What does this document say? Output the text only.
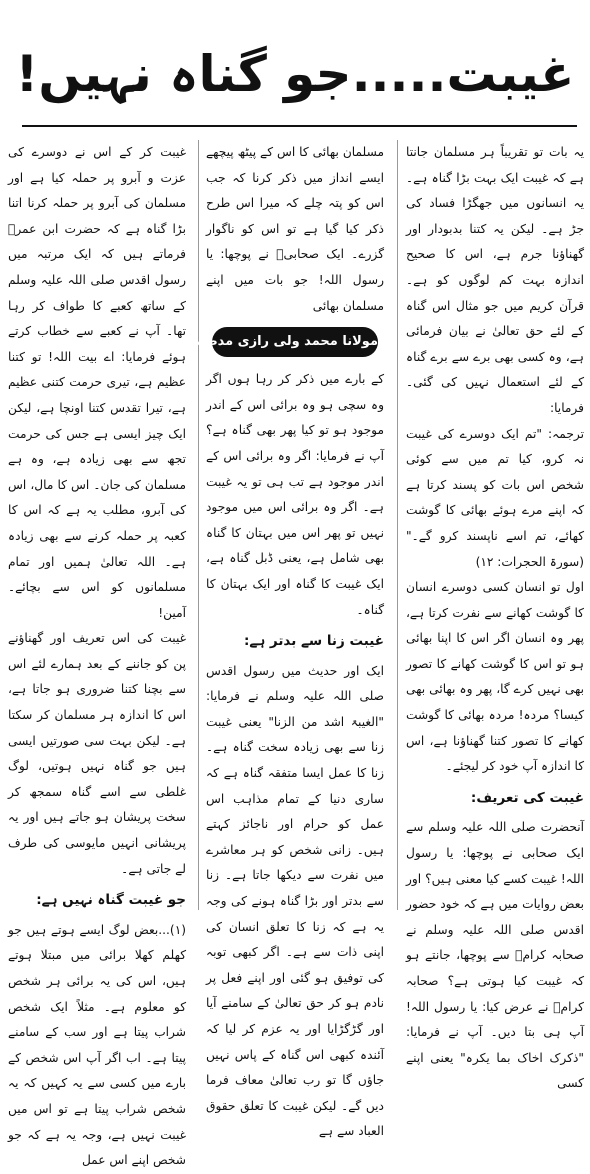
غیبت.....جو گناہ نہیں!

یہ بات تو تقریباً ہر مسلمان جانتا ہے کہ غیبت ایک بہت بڑا گناہ ہے۔ یہ انسانوں میں جھگڑا فساد کی جڑ ہے۔ لیکن یہ کتنا بدبودار اور گھناؤنا جرم ہے، اس کا صحیح اندازہ بہت کم لوگوں کو ہے۔ قرآن کریم میں جو مثال اس گناہ کے لئے حق تعالیٰ نے بیان فرمائی ہے، وہ کسی بھی برے سے برے گناہ کے لئے استعمال نہیں کی گئی۔ فرمایا:

ترجمہ: "تم ایک دوسرے کی غیبت نہ کرو، کیا تم میں سے کوئی شخص اس بات کو پسند کرتا ہے کہ اپنے مرے ہوئے بھائی کا گوشت کھائے، تم اسے ناپسند کرو گے۔" (سورۃ الحجرات: ۱۲)

اول تو انسان کسی دوسرے انسان کا گوشت کھانے سے نفرت کرتا ہے، پھر وہ انسان اگر اس کا اپنا بھائی ہو تو اس کا گوشت کھانے کا تصور بھی نہیں کرے گا، پھر وہ بھائی بھی کیسا؟ مردہ! مردہ بھائی کا گوشت کھانے کا تصور کتنا گھناؤنا ہے، اس کا اندازہ آپ خود کر لیجئے۔

غیبت کی تعریف:

آنحضرت صلی اللہ علیہ وسلم سے ایک صحابی نے پوچھا: یا رسول اللہ! غیبت کسے کیا معنی ہیں؟ اور بعض روایات میں ہے کہ خود حضور اقدس صلی اللہ علیہ وسلم نے صحابہ کرامؓ سے پوچھا، جانتے ہو کہ غیبت کیا ہوتی ہے؟ صحابہ کرامؓ نے عرض کیا: یا رسول اللہ! آپ ہی بتا دیں۔ آپ نے فرمایا: "ذکرک اخاک بما یکرہ" یعنی اپنے کسی

مسلمان بھائی کا اس کے پیٹھ پیچھے ایسے انداز میں ذکر کرنا کہ جب اس کو پتہ چلے کہ میرا اس طرح ذکر کیا گیا ہے تو اس کو ناگوار گزرے۔ ایک صحابیؓ نے پوچھا: یا رسول اللہ! جو بات میں اپنے مسلمان بھائی

مولانا محمد ولی رازی مدظلہ

کے بارے میں ذکر کر رہا ہوں اگر وہ سچی ہو وہ برائی اس کے اندر موجود ہو تو کیا پھر بھی گناہ ہے؟ آپ نے فرمایا: اگر وہ برائی اس کے اندر موجود ہے تب ہی تو یہ غیبت ہے۔ اگر وہ برائی اس میں موجود نہیں تو پھر اس میں بہتان کا گناہ بھی شامل ہے، یعنی ڈبل گناہ ہے، ایک غیبت کا گناہ اور ایک بہتان کا گناہ۔

غیبت زنا سے بدتر ہے:

ایک اور حدیث میں رسول اقدس صلی اللہ علیہ وسلم نے فرمایا: "الغیبۃ اشد من الزنا" یعنی غیبت زنا سے بھی زیادہ سخت گناہ ہے۔ زنا کا عمل ایسا متفقہ گناہ ہے کہ ساری دنیا کے تمام مذاہب اس عمل کو حرام اور ناجائز کہتے ہیں۔ زانی شخص کو ہر معاشرے میں نفرت سے دیکھا جاتا ہے۔ زنا سے بدتر اور بڑا گناہ ہونے کی وجہ یہ ہے کہ زنا کا تعلق انسان کی اپنی ذات سے ہے۔ اگر کبھی توبہ کی توفیق ہو گئی اور اپنے فعل پر نادم ہو کر حق تعالیٰ کے سامنے آیا اور گڑگڑایا اور یہ عزم کر لیا کہ آئندہ کبھی اس گناہ کے پاس نہیں جاؤں گا تو رب تعالیٰ معاف فرما دیں گے۔ لیکن غیبت کا تعلق حقوق العباد سے ہے

غیبت کر کے اس نے دوسرے کی عزت و آبرو پر حملہ کیا ہے اور مسلمان کی آبرو پر حملہ کرنا اتنا بڑا گناہ ہے کہ حضرت ابن عمرؓ فرماتے ہیں کہ ایک مرتبہ میں رسول اقدس صلی اللہ علیہ وسلم کے ساتھ کعبے کا طواف کر رہا تھا۔ آپ نے کعبے سے خطاب کرتے ہوئے فرمایا: اے بیت اللہ! تو کتنا عظیم ہے، تیری حرمت کتنی عظیم ہے، تیرا تقدس کتنا اونچا ہے، لیکن ایک چیز ایسی ہے جس کی حرمت تجھ سے بھی زیادہ ہے، وہ ہے مسلمان کی جان۔ اس کا مال، اس کی آبرو، مطلب یہ ہے کہ اس کا کعبہ پر حملہ کرنے سے بھی زیادہ ہے۔ اللہ تعالیٰ ہمیں اور تمام مسلمانوں کو اس سے بچائے۔ آمین!

غیبت کی اس تعریف اور گھناؤنے پن کو جاننے کے بعد ہمارے لئے اس سے بچنا کتنا ضروری ہو جاتا ہے، اس کا اندازہ ہر مسلمان کر سکتا ہے۔ لیکن بہت سی صورتیں ایسی ہیں جو گناہ نہیں ہوتیں، لوگ غلطی سے اسے گناہ سمجھ کر سخت پریشان ہو جاتے ہیں اور یہ پریشانی انہیں مایوسی کی طرف لے جاتی ہے۔

جو غیبت گناہ نہیں ہے:

(۱)...بعض لوگ ایسے ہوتے ہیں جو کھلم کھلا برائی میں مبتلا ہوتے ہیں، اس کی یہ برائی ہر شخص کو معلوم ہے۔ مثلاً ایک شخص شراب پیتا ہے اور سب کے سامنے پیتا ہے۔ اب اگر آپ اس شخص کے بارے میں کسی سے یہ کہیں کہ یہ شخص شراب پیتا ہے تو اس میں غیبت نہیں ہے، وجہ یہ ہے کہ جو شخص اپنے اس عمل
